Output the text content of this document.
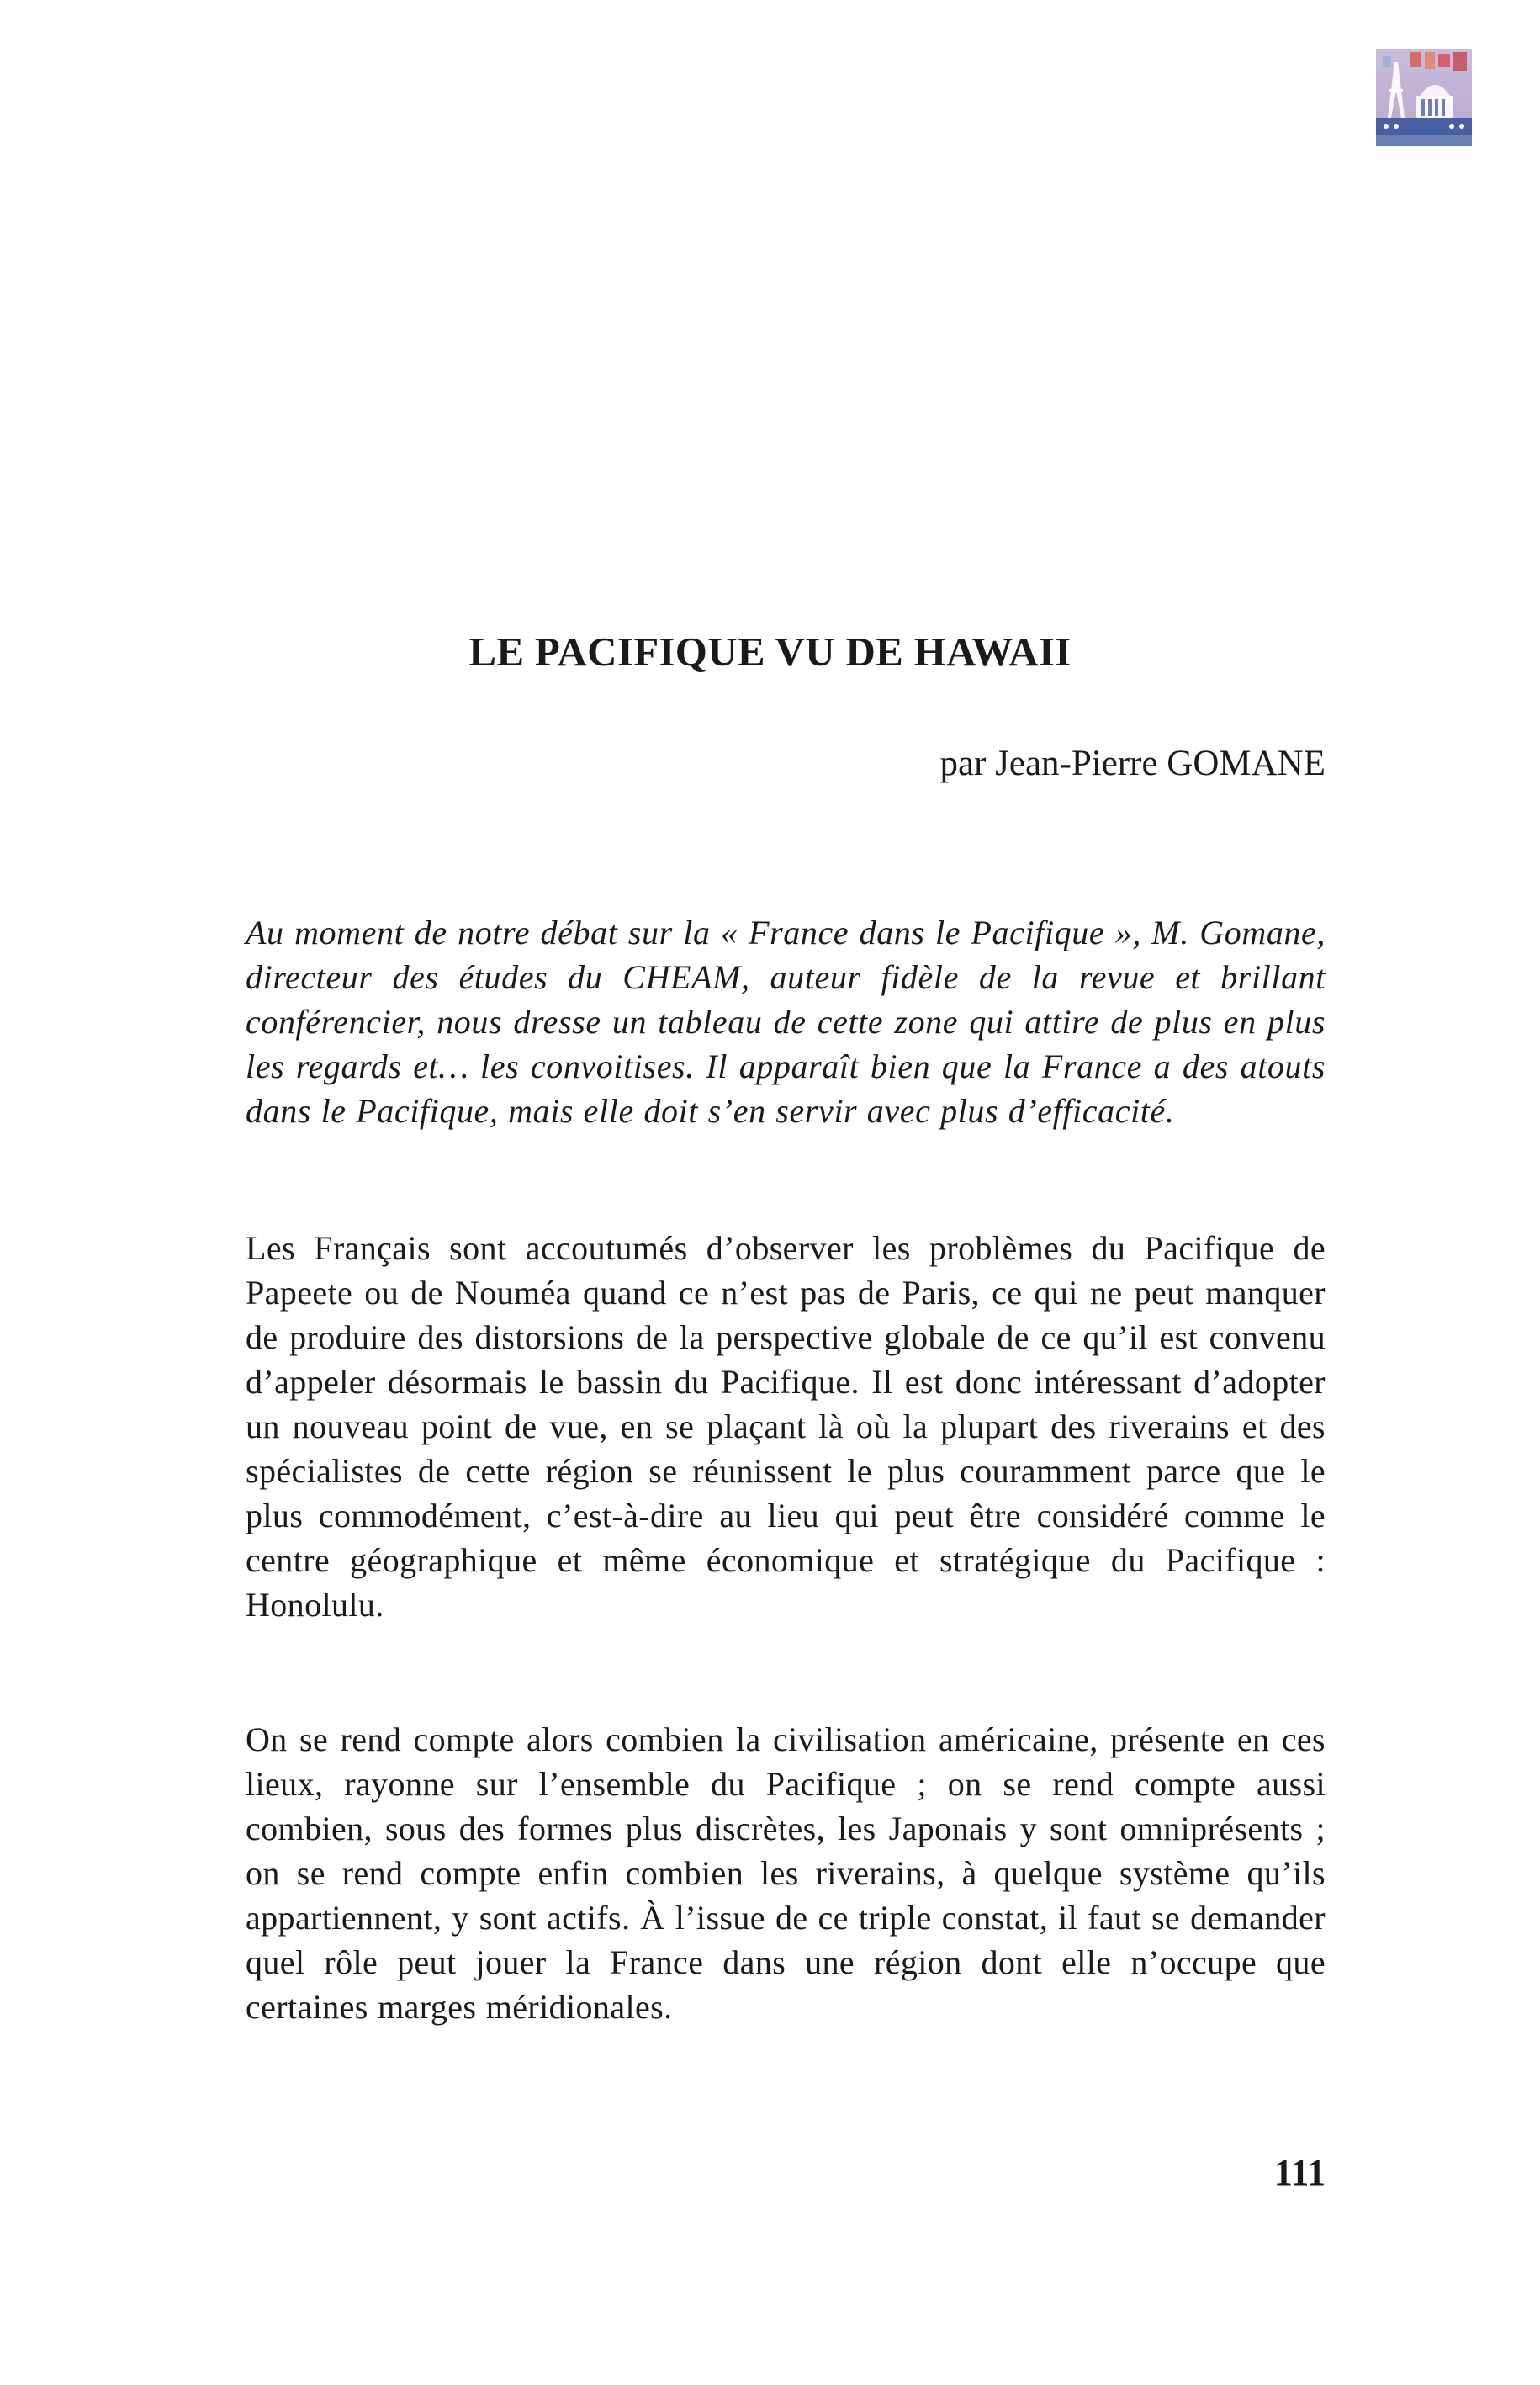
LE PACIFIQUE VU DE HAWAII

par Jean-Pierre GOMANE

Au moment de notre débat sur la « France dans le Pacifique », M. Gomane, directeur des études du CHEAM, auteur fidèle de la revue et brillant conférencier, nous dresse un tableau de cette zone qui attire de plus en plus les regards et… les convoitises. Il apparaît bien que la France a des atouts dans le Pacifique, mais elle doit s’en servir avec plus d’efficacité.

Les Français sont accoutumés d’observer les problèmes du Pacifique de Papeete ou de Nouméa quand ce n’est pas de Paris, ce qui ne peut manquer de produire des distorsions de la perspective globale de ce qu’il est convenu d’appeler désormais le bassin du Pacifique. Il est donc intéressant d’adopter un nouveau point de vue, en se plaçant là où la plupart des riverains et des spécialistes de cette région se réunissent le plus couramment parce que le plus commodément, c’est-à-dire au lieu qui peut être considéré comme le centre géographique et même économique et stratégique du Pacifique : Honolulu.

On se rend compte alors combien la civilisation américaine, présente en ces lieux, rayonne sur l’ensemble du Pacifique ; on se rend compte aussi combien, sous des formes plus discrètes, les Japonais y sont omniprésents ; on se rend compte enfin combien les riverains, à quelque système qu’ils appartiennent, y sont actifs. À l’issue de ce triple constat, il faut se demander quel rôle peut jouer la France dans une région dont elle n’occupe que certaines marges méridionales.

111
